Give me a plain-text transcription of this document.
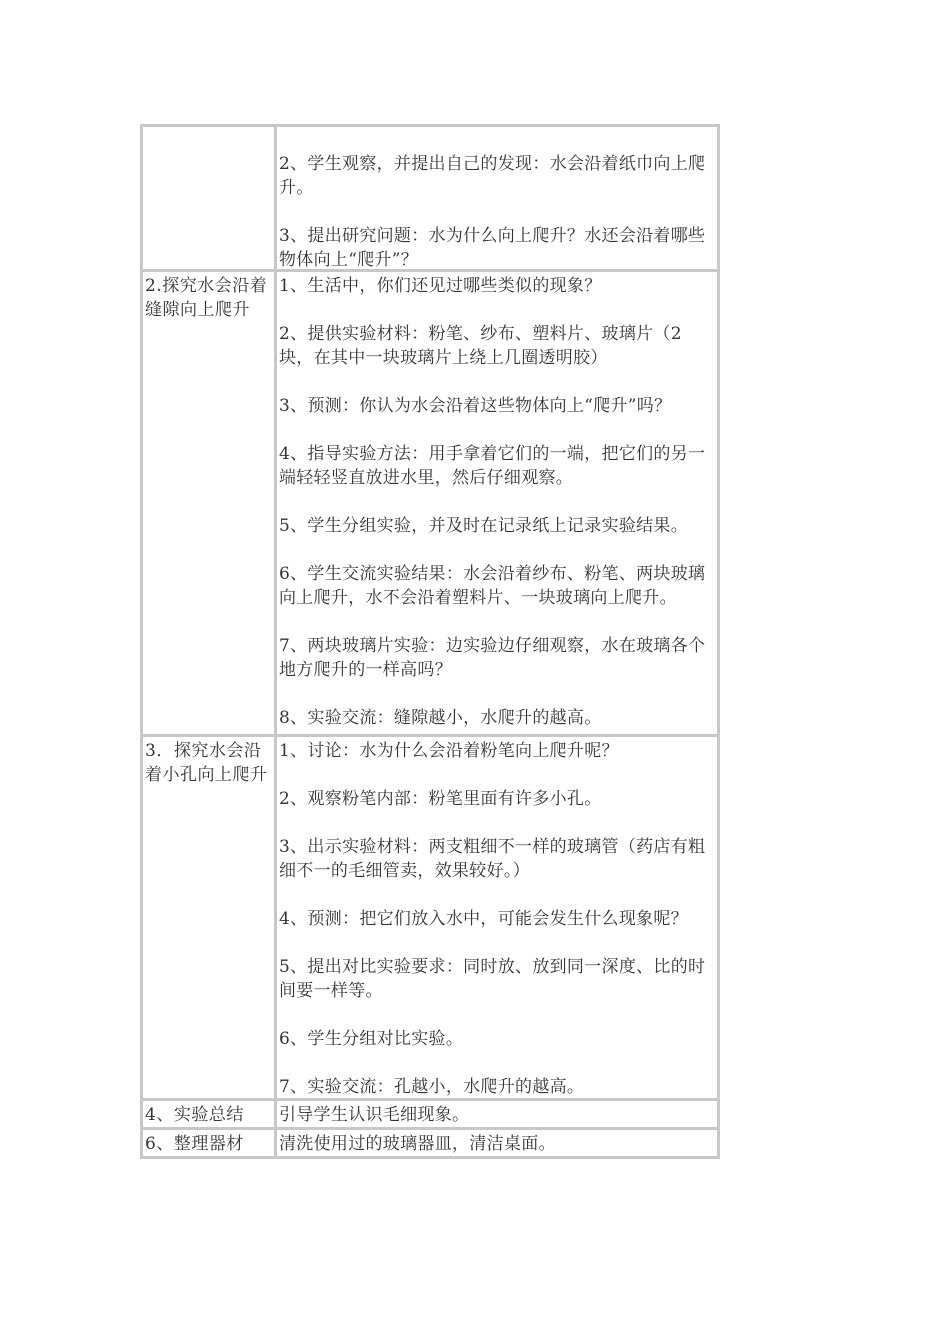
2、学生观察，并提出自己的发现：水会沿着纸巾向上爬升。

3、提出研究问题：水为什么向上爬升？水还会沿着哪些物体向上“爬升”？

2.探究水会沿着缝隙向上爬升

1、生活中，你们还见过哪些类似的现象？

2、提供实验材料：粉笔、纱布、塑料片、玻璃片（2块，在其中一块玻璃片上绕上几圈透明胶）

3、预测：你认为水会沿着这些物体向上“爬升”吗？

4、指导实验方法：用手拿着它们的一端，把它们的另一端轻轻竖直放进水里，然后仔细观察。

5、学生分组实验，并及时在记录纸上记录实验结果。

6、学生交流实验结果：水会沿着纱布、粉笔、两块玻璃向上爬升，水不会沿着塑料片、一块玻璃向上爬升。

7、两块玻璃片实验：边实验边仔细观察，水在玻璃各个地方爬升的一样高吗？

8、实验交流：缝隙越小，水爬升的越高。

3．探究水会沿着小孔向上爬升

1、讨论：水为什么会沿着粉笔向上爬升呢？

2、观察粉笔内部：粉笔里面有许多小孔。

3、出示实验材料：两支粗细不一样的玻璃管（药店有粗细不一的毛细管卖，效果较好。）

4、预测：把它们放入水中，可能会发生什么现象呢？

5、提出对比实验要求：同时放、放到同一深度、比的时间要一样等。

6、学生分组对比实验。

7、实验交流：孔越小，水爬升的越高。

4、实验总结	引导学生认识毛细现象。

6、整理器材	清洗使用过的玻璃器皿，清洁桌面。
